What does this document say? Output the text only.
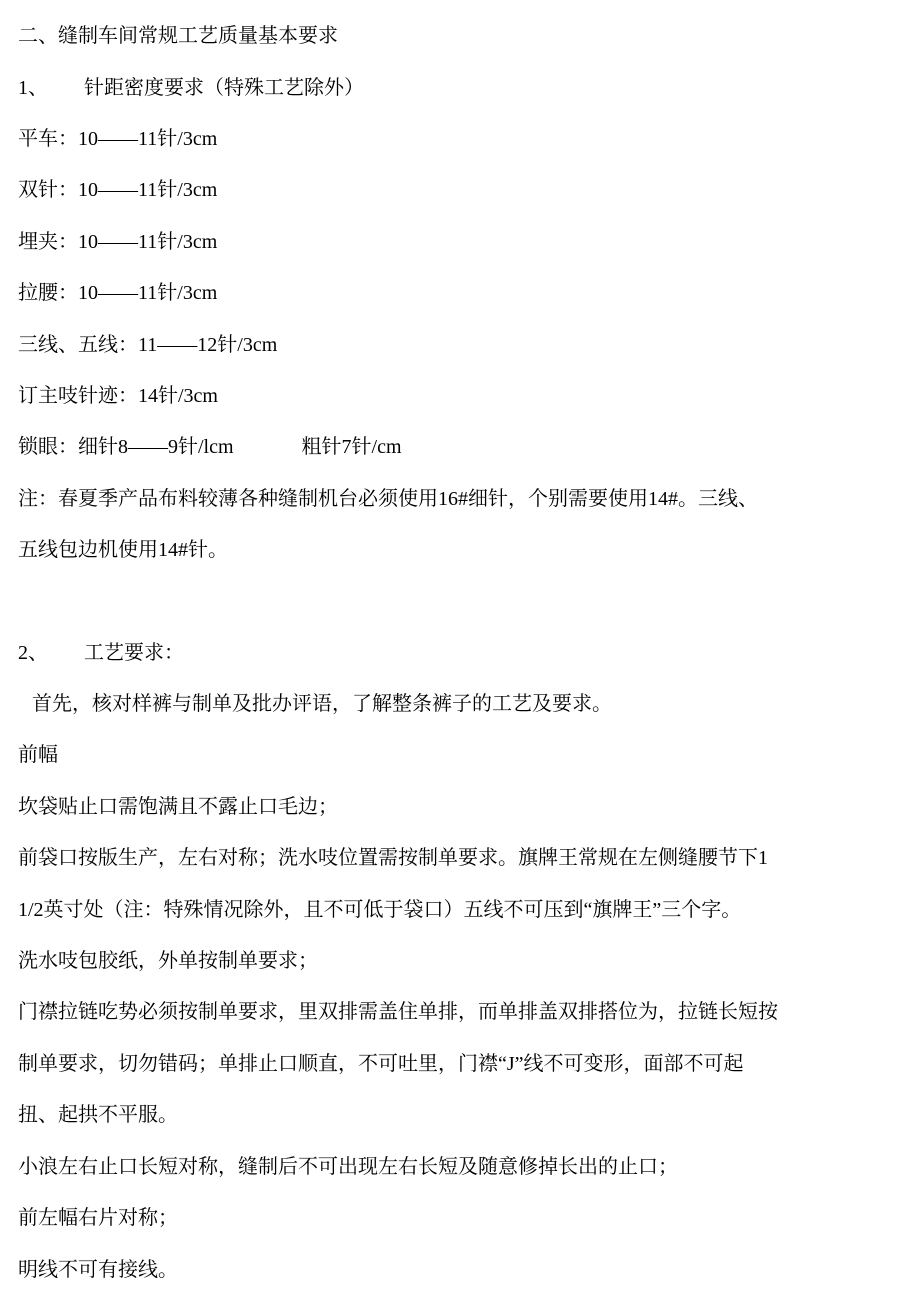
二、缝制车间常规工艺质量基本要求
1、 针距密度要求（特殊工艺除外）
平车：10——11针/3cm
双针：10——11针/3cm
埋夹：10——11针/3cm
拉腰：10——11针/3cm
三线、五线：11——12针/3cm
订主吱针迹：14针/3cm
锁眼：细针8——9针/lcm	粗针7针/cm
注：春夏季产品布料较薄各种缝制机台必须使用16#细针，个别需要使用14#。三线、
五线包边机使用14#针。
2、 工艺要求：
首先，核对样裤与制单及批办评语，了解整条裤子的工艺及要求。
前幅
坎袋贴止口需饱满且不露止口毛边；
前袋口按版生产，左右对称；洗水吱位置需按制单要求。旗牌王常规在左侧缝腰节下1
1/2英寸处（注：特殊情况除外，且不可低于袋口）五线不可压到“旗牌王”三个字。
洗水吱包胶纸，外单按制单要求；
门襟拉链吃势必须按制单要求，里双排需盖住单排，而单排盖双排搭位为，拉链长短按
制单要求，切勿错码；单排止口顺直，不可吐里，门襟“J”线不可变形，面部不可起
扭、起拱不平服。
小浪左右止口长短对称，缝制后不可出现左右长短及随意修掉长出的止口；
前左幅右片对称；
明线不可有接线。
